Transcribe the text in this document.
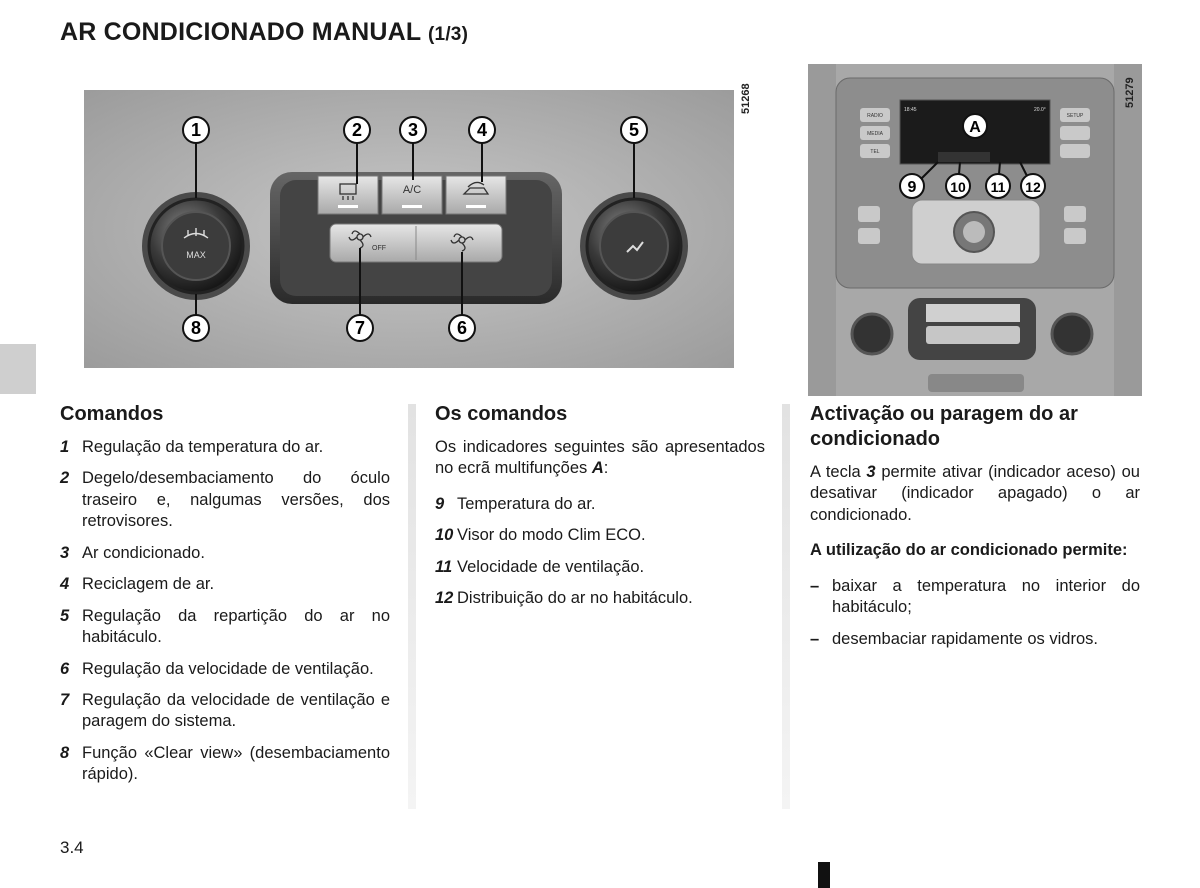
AR CONDICIONADO MANUAL (1/3)
MAX
A/C
OFF
1	2	3	4	5
6
7
8
51268	18:45	20.0°
RADIO
MEDIA
TEL
SETUP
A
9 10 11 12
51279
Comandos
1 Regulação da temperatura do ar.
2 Degelo/desembaciamento do óculo traseiro e, nalgumas versões, dos retrovisores.
3 Ar condicionado.
4 Reciclagem de ar.
5 Regulação da repartição do ar no habitáculo.
6 Regulação da velocidade de ventilação.
7 Regulação da velocidade de ventilação e paragem do sistema.
8 Função «Clear view» (desembaciamento rápido).
Os comandos

Os indicadores seguintes são apresentados no ecrã multifunções A:

9 Temperatura do ar.
10 Visor do modo Clim ECO.
11 Velocidade de ventilação.
12 Distribuição do ar no habitáculo.
Activação ou paragem do ar condicionado

A tecla 3 permite ativar (indicador aceso) ou desativar (indicador apagado) o ar condicionado.

A utilização do ar condicionado permite:

– baixar a temperatura no interior do habitáculo;
– desembaciar rapidamente os vidros.
3.4
